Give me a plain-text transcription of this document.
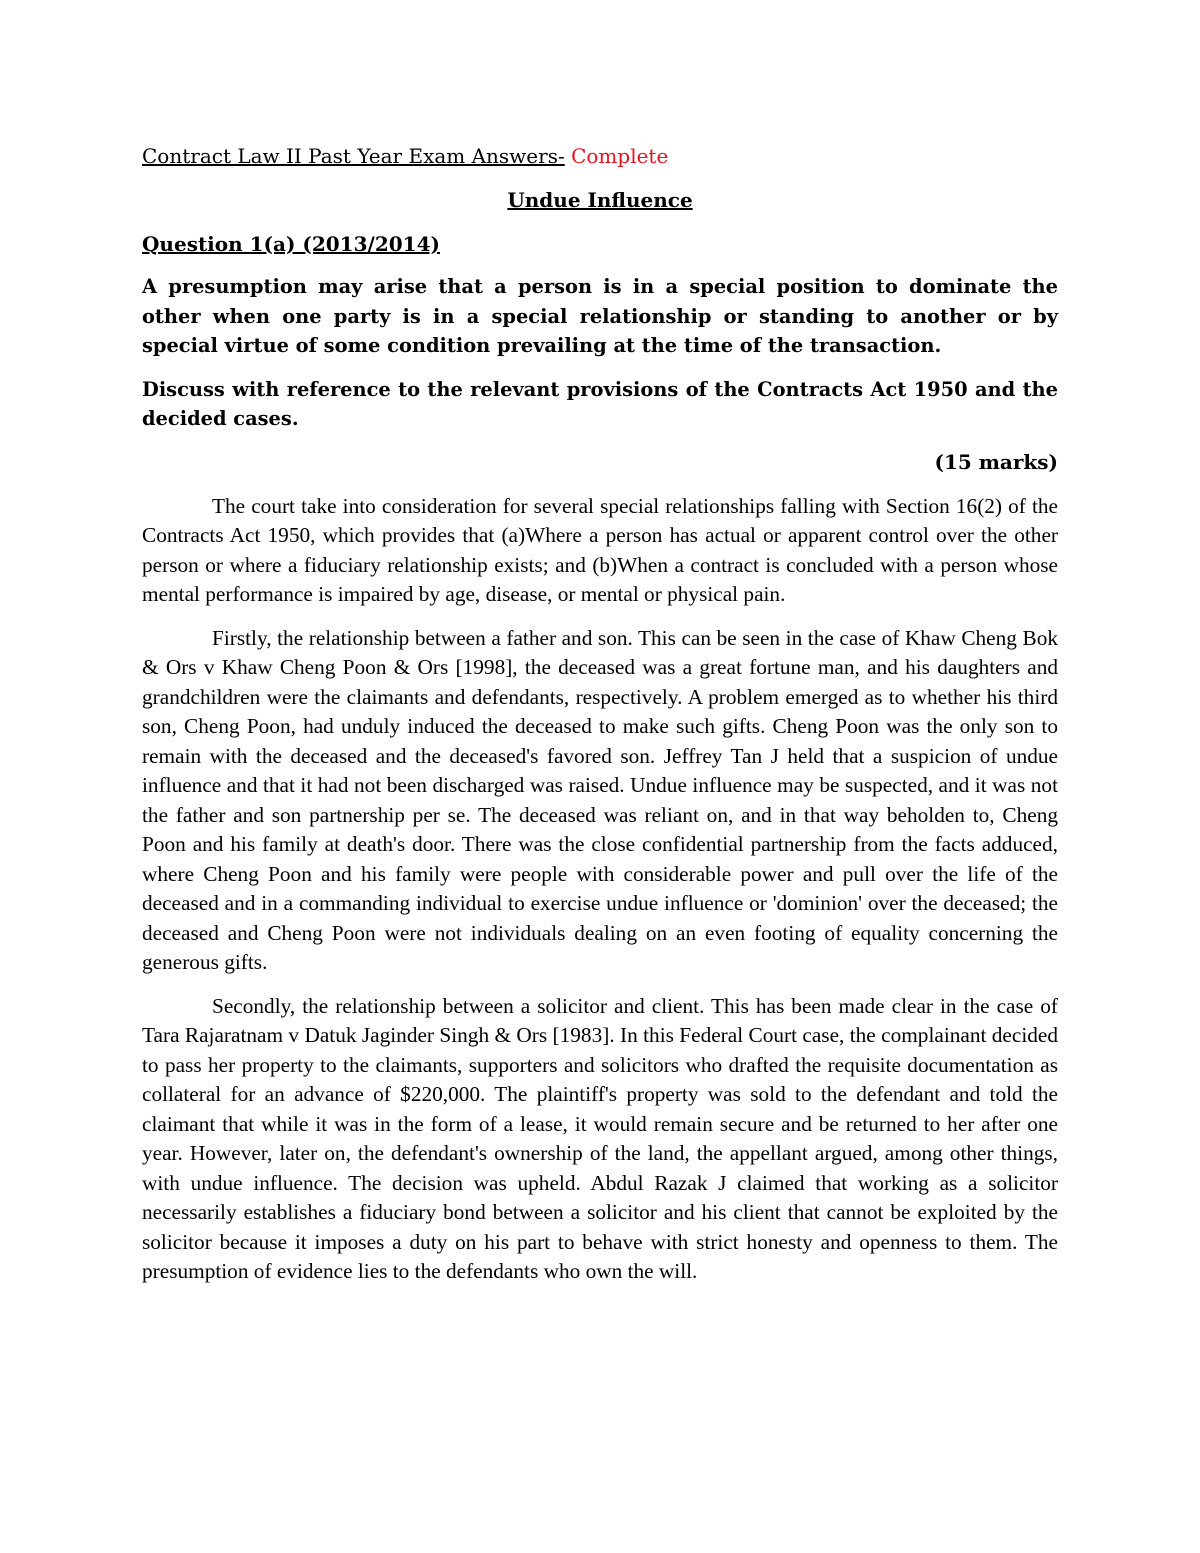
Contract Law II Past Year Exam Answers- Complete

Undue Influence

Question 1(a) (2013/2014)

A presumption may arise that a person is in a special position to dominate the other when one party is in a special relationship or standing to another or by special virtue of some condition prevailing at the time of the transaction.

Discuss with reference to the relevant provisions of the Contracts Act 1950 and the decided cases.

(15 marks)

The court take into consideration for several special relationships falling with Section 16(2) of the Contracts Act 1950, which provides that (a)Where a person has actual or apparent control over the other person or where a fiduciary relationship exists; and (b)When a contract is concluded with a person whose mental performance is impaired by age, disease, or mental or physical pain.

Firstly, the relationship between a father and son. This can be seen in the case of Khaw Cheng Bok & Ors v Khaw Cheng Poon & Ors [1998], the deceased was a great fortune man, and his daughters and grandchildren were the claimants and defendants, respectively. A problem emerged as to whether his third son, Cheng Poon, had unduly induced the deceased to make such gifts. Cheng Poon was the only son to remain with the deceased and the deceased's favored son. Jeffrey Tan J held that a suspicion of undue influence and that it had not been discharged was raised. Undue influence may be suspected, and it was not the father and son partnership per se. The deceased was reliant on, and in that way beholden to, Cheng Poon and his family at death's door. There was the close confidential partnership from the facts adduced, where Cheng Poon and his family were people with considerable power and pull over the life of the deceased and in a commanding individual to exercise undue influence or 'dominion' over the deceased; the deceased and Cheng Poon were not individuals dealing on an even footing of equality concerning the generous gifts.

Secondly, the relationship between a solicitor and client. This has been made clear in the case of Tara Rajaratnam v Datuk Jaginder Singh & Ors [1983]. In this Federal Court case, the complainant decided to pass her property to the claimants, supporters and solicitors who drafted the requisite documentation as collateral for an advance of $220,000. The plaintiff's property was sold to the defendant and told the claimant that while it was in the form of a lease, it would remain secure and be returned to her after one year. However, later on, the defendant's ownership of the land, the appellant argued, among other things, with undue influence. The decision was upheld. Abdul Razak J claimed that working as a solicitor necessarily establishes a fiduciary bond between a solicitor and his client that cannot be exploited by the solicitor because it imposes a duty on his part to behave with strict honesty and openness to them. The presumption of evidence lies to the defendants who own the will.
